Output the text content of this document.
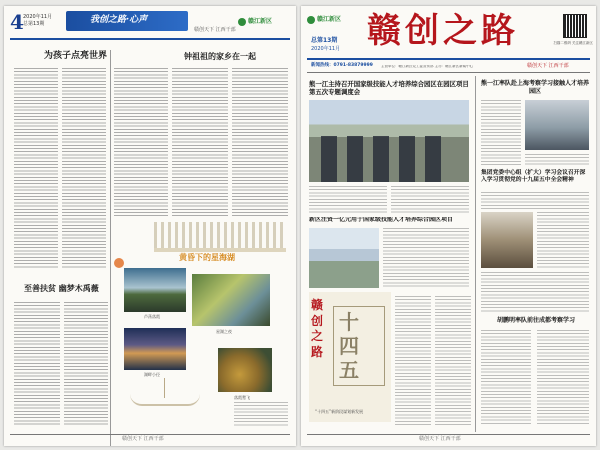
4 2020年11月
总第13期	我创之路·心声	赣江新区
赣创天下 江西干部
为孩子点亮世界	钟祖祖的家乡在一起
黄昏下的星海湖
芦荡落霞
星湖之夜
湖畔小径
落霞鹜飞
至善扶贫 幽梦木禹薇
赣创天下 江西干部
赣江新区 赣创之路
总第13期
2020年11月
扫描二维码 关注赣江新区
新闻热线：0791-83879999 主管单位：赣江新区党工委宣传部 主办：赣江新区新闻中心	赣创天下 江西干部
熊一江主持召开国家级技能人才培养综合园区在园区项目第五次专题调度会
新区注资一亿元用于国家级技能人才培养综合园区项目
赣创之路
十四五
“十四五”新阶段谋划新发展
熊一江率队赴上海考察学习接触人才培养园区
集团党委中心组（扩大）学习会议召开深入学习贯彻党的十九届五中全会精神
胡鹏明率队前往成都考察学习
赣创天下 江西干部
